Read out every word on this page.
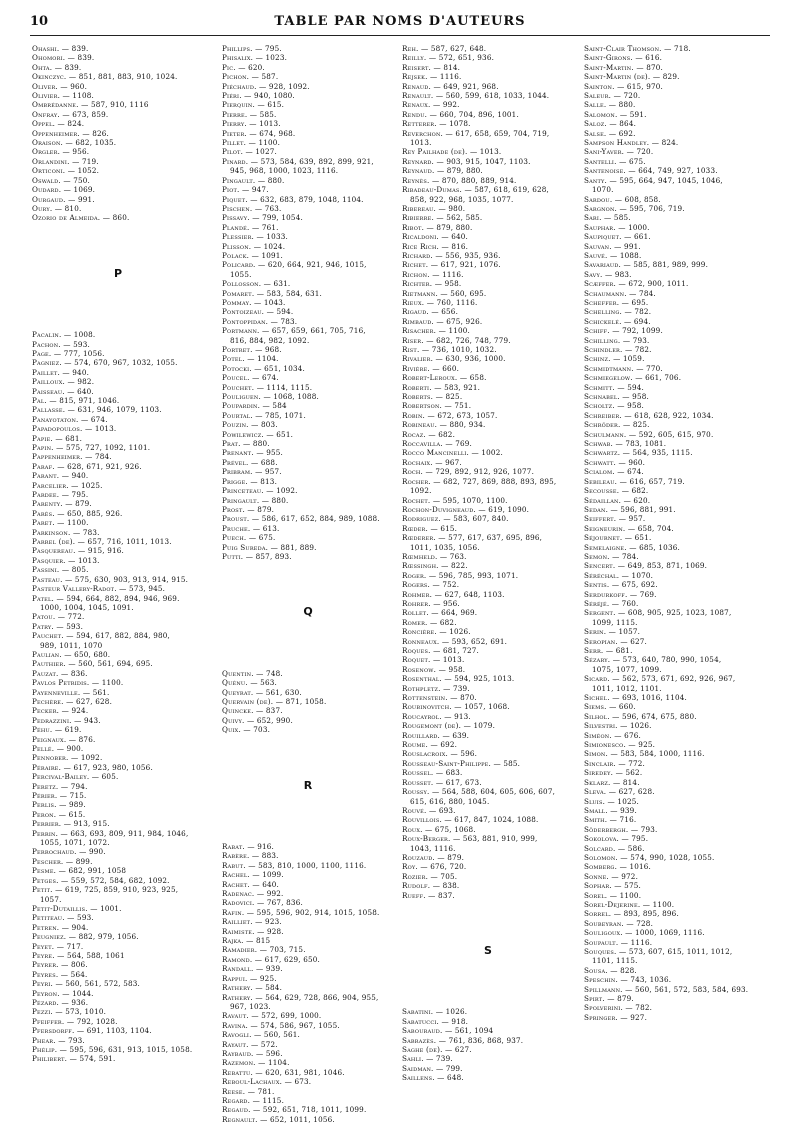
10	TABLE PAR NOMS D'AUTEURS
Ohashi. — 839.
Ohomori. — 839.
Ohta. — 839.
Okinczyc. — 851, 881, 883, 910, 1024.
Oliver. — 960.
Olivier. — 1108.
Ombrédanne. — 587, 910, 1116
Onfray. — 673, 859.
Oppel. — 824.
Oppenheimer. — 826.
Oraison. — 682, 1035.
Orgler. — 956.
Orlandini. — 719.
Orticoni. — 1052.
Oswald. — 750.
Oudard. — 1069.
Ourgaud. — 991.
Oury. — 810.
Ozorio de Almeida. — 860.
P
Pacalin. — 1008.
Pachon. — 593.
Page. — 777, 1056.
Pagniez. — 574, 670, 967, 1032, 1055.
Paillet. — 940.
Pailloux. — 982.
Paisseau. — 640.
Pal. — 815, 971, 1046.
Pallasse. — 631, 946, 1079, 1103.
Panayotaton. — 674.
Papadopoulos. — 1013.
Papie. — 681.
Papin. — 575, 727, 1092, 1101.
Pappenheimer. — 784.
Paraf. — 628, 671, 921, 926.
Parant. — 940.
Parcelier. — 1025.
Pardee. — 795.
Parenty. — 879.
Parès. — 650, 885, 926.
Paret. — 1100.
Parkinson. — 783.
Parrel (de). — 657, 716, 1011, 1013.
Pasquereau. — 915, 916.
Pasquier. — 1013.
Passini. — 805.
Pasteau. — 575, 630, 903, 913, 914, 915.
Pasteur Vallery-Radot. — 573, 945.
Patel. — 594, 664, 882, 894, 946, 969.
1000, 1004, 1045, 1091.
Patou. — 772.
Patry. — 593.
Pauchet. — 594, 617, 882, 884, 980,
989, 1011, 1070
Paulian. — 650, 680.
Pauthier. — 560, 561, 694, 695.
Pauzat. — 836.
Pavlos Petridis. — 1100.
Payenneville. — 561.
Pechère. — 627, 628.
Pecker. — 924.
Pedrazzini. — 943.
Péhu. — 619.
Peignaux. — 876.
Pellé. — 900.
Pennober. — 1092.
Péraire. — 617, 923, 980, 1056.
Percival-Bailey. — 605.
Peretz. — 794.
Périer. — 715.
Perlis. — 989.
Peron. — 615.
Perrier. — 913, 915.
Perrin. — 663, 693, 809, 911, 984, 1046,
1055, 1071, 1072.
Perrochaud. — 990.
Pescher. — 899.
Pesme. — 682, 991, 1058
Petges. — 559, 572, 584, 682, 1092.
Petit. — 619, 725, 859, 910, 923, 925,
1057.
Petit-Dutaillis. — 1001.
Petiteau. — 593.
Petren. — 904.
Peugniez. — 882, 979, 1056.
Peyet. — 717.
Peyre. — 564, 588, 1061
Peyrer. — 806.
Peyres. — 564.
Peyri. — 560, 561, 572, 583.
Peyron. — 1044.
Pézard. — 936.
Pezzi. — 573, 1010.
Pfeiffer. — 792, 1028.
Pfersdorff. — 691, 1103, 1104.
Phear. — 793.
Phélip. — 595, 596, 631, 913, 1015, 1058.
Philibert. — 574, 591.
Phillips. — 795.
Phisalix. — 1023.
Pic. — 620.
Pichon. — 587.
Piéchaud. — 928, 1092.
Piéri. — 940, 1080.
Pierquin. — 615.
Pierre. — 585.
Pierry. — 1013.
Pieter. — 674, 968.
Pillet. — 1100.
Pilot. — 1027.
Pinard. — 573, 584, 639, 892, 899, 921,
945, 968, 1000, 1023, 1116.
Pingault. — 880.
Piot. — 947.
Piquet. — 632, 683, 879, 1048, 1104.
Pischen. — 763.
Pissavy. — 799, 1054.
Plandé. — 761.
Plessier. — 1033.
Plisson. — 1024.
Polack. — 1091.
Policard. — 620, 664, 921, 946, 1015,
1055.
Pollosson. — 631.
Pomaret. — 583, 584, 631.
Pommay. — 1043.
Pontoizeau. — 594.
Pontoppidan. — 783.
Portmann. — 657, 659, 661, 705, 716,
816, 884, 982, 1092.
Portret. — 968.
Potel. — 1104.
Potocki. — 651, 1034.
Poucel. — 674.
Pouchet. — 1114, 1115.
Pouliguen. — 1068, 1088.
Poupardin. — 584
Pourtal. — 785, 1071.
Pouzin. — 803.
Powilewicz. — 651.
Prat. — 880.
Prenant. — 955.
Prével. — 688.
Pribram. — 957.
Prigge. — 813.
Princeteau. — 1092.
Pringault. — 880.
Prost. — 879.
Proust. — 586, 617, 652, 884, 989, 1088.
Pruche. — 613.
Puech. — 675.
Puig Sureda. — 881, 889.
Putti. — 857, 893.
Q
Quentin. — 748.
Quénu. — 563.
Queyrat. — 561, 630.
Quervain (de). — 871, 1058.
Quincke. — 837.
Quivy. — 652, 990.
Quix. — 703.
R
Rabat. — 916.
Rabère. — 883.
Rabut. — 583, 810, 1000, 1100, 1116.
Rachel. — 1099.
Rachet. — 640.
Radenac. — 992.
Radovici. — 767, 836.
Rafin. — 595, 596, 902, 914, 1015, 1058.
Railliet. — 923.
Raimiste. — 928.
Rajka. — 815
Ramadier. — 703, 715.
Ramond. — 617, 629, 650.
Randall. — 939.
Rappui. — 925.
Rathery. — 584.
Rathery. — 564, 629, 728, 866, 904, 955,
967, 1023.
Ravaut. — 572, 699, 1000.
Ravina. — 574, 586, 967, 1055.
Ravogli. — 560, 561.
Rayaut. — 572.
Raybaud. — 596.
Razemon. — 1104.
Rebattu. — 620, 631, 981, 1046.
Reboul-Lachaux. — 673.
Reese. — 781.
Regard. — 1115.
Regaud. — 592, 651, 718, 1011, 1099.
Regnault. — 652, 1011, 1056.
Reh. — 587, 627, 648.
Reilly. — 572, 651, 936.
Reisert. — 814.
Rejsek. — 1116.
Renaud. — 649, 921, 968.
Renault. — 560, 599, 618, 1033, 1044.
Renaux. — 992.
Rendu. — 660, 704, 896, 1001.
Retterer. — 1078.
Reverchon. — 617, 658, 659, 704, 719,
1013.
Rey Pailhade (de). — 1013.
Reynard. — 903, 915, 1047, 1103.
Reynaud. — 879, 880.
Reynès. — 870, 880, 889, 914.
Ribadeau-Dumas. — 587, 618, 619, 628,
858, 922, 968, 1035, 1077.
Ribereau. — 980.
Ribierre. — 562, 585.
Ribot. — 879, 880.
Ricaldoni. — 640.
Rice Rich. — 816.
Richard. — 556, 935, 936.
Richet. — 617, 921, 1076.
Richon. — 1116.
Richter. — 958.
Rietmann. — 560, 695.
Rieux. — 760, 1116.
Rigaud. — 656.
Rimbaud. — 675, 926.
Risacher. — 1100.
Riser. — 682, 726, 748, 779.
Rist. — 736, 1010, 1032.
Rivalier. — 630, 936, 1000.
Rivière. — 660.
Robert-Leroux. — 658.
Roberti. — 583, 921.
Roberts. — 825.
Robertson. — 751.
Robin. — 672, 673, 1057.
Robineau. — 880, 934.
Rocaz. — 682.
Roccavilla. — 769.
Rocco Mancinelli. — 1002.
Rochaix. — 967.
Roch. — 729, 892, 912, 926, 1077.
Rocher. — 682, 727, 869, 888, 893, 895,
1092.
Rochet. — 595, 1070, 1100.
Rochon-Duvigneaud. — 619, 1090.
Rodriguez. — 583, 607, 840.
Rœder. — 615.
Rœderer. — 577, 617, 637, 695, 896,
1011, 1035, 1056.
Rœmheld. — 763.
Rœssingh. — 822.
Roger. — 596, 785, 993, 1071.
Rogers. — 752.
Rohmer. — 627, 648, 1103.
Rohrer. — 956.
Rollet. — 664, 969.
Romer. — 682.
Roncière. — 1026.
Ronneaux. — 593, 652, 691.
Roques. — 681, 727.
Roquet. — 1013.
Rosenow. — 958.
Rosenthal. — 594, 925, 1013.
Rothpletz. — 739.
Rottenstein. — 870.
Roubinovitch. — 1057, 1068.
Roucayrol. — 913.
Rougemont (de). — 1079.
Rouillard. — 639.
Roume. — 692.
Rouslacroix. — 596.
Rousseau-Saint-Philippe. — 585.
Roussel. — 683.
Rousset. — 617, 673.
Roussy. — 564, 588, 604, 605, 606, 607,
615, 616, 880, 1045.
Rouvé. — 693.
Rouvillois. — 617, 847, 1024, 1088.
Roux. — 675, 1068.
Roux-Berger. — 563, 881, 910, 999,
1043, 1116.
Rouzaud. — 879.
Roy. — 676, 720.
Rozier. — 705.
Rudolf. — 838.
Rueff. — 837.
S
Sabatini. — 1026.
Sabatucci. — 918.
Sabouraud. — 561, 1094
Sabrazès. — 761, 836, 868, 937.
Saghe (de). — 627.
Sahli. — 739.
Saidman. — 799.
Saillens. — 648.
Saint-Clair Thomson. — 718.
Saint-Girons. — 616.
Saint-Martin. — 870.
Saint-Martin (de). — 829.
Sainton. — 615, 970.
Saleur. — 720.
Salle. — 880.
Salomon. — 591.
Saloz. — 864.
Salse. — 692.
Sampson Handley. — 824.
Sani-Yaver. — 720.
Santelli. — 675.
Santenoise. — 664, 749, 927, 1033.
Santy. — 595, 664, 947, 1045, 1046,
1070.
Sardou. — 608, 858.
Sargnon. — 595, 706, 719.
Sari. — 585.
Sauphar. — 1000.
Saupiquet. — 661.
Sauvan. — 991.
Sauvé. — 1088.
Savariaud. — 585, 881, 989, 999.
Savy. — 983.
Scæffer. — 672, 900, 1011.
Schaumann. — 784.
Scheffer. — 695.
Schelling. — 782.
Schickelé. — 694.
Schiff. — 792, 1099.
Schilling. — 793.
Schindler. — 782.
Schinz. — 1059.
Schmidtmann. — 770.
Schmiegelow. — 661, 706.
Schmitt. — 594.
Schnabel. — 958.
Scholtz. — 958.
Schreiber. — 618, 628, 922, 1034.
Schröder. — 825.
Schulmann. — 592, 605, 615, 970.
Schwab. — 783, 1081.
Schwartz. — 564, 935, 1115.
Schwatt. — 960.
Scialom. — 674.
Sebileau. — 616, 657, 719.
Secousse. — 682.
Sédaillan. — 620.
Sedan. — 596, 881, 991.
Seiffert. — 957.
Seigneurin. — 658, 704.
Séjournet. — 651.
Semelaigne. — 685, 1036.
Semon. — 784.
Sencert. — 649, 853, 871, 1069.
Séréchal. — 1070.
Sentis. — 675, 692.
Serdurkoff. — 769.
Séréjé. — 760.
Sergent. — 608, 905, 925, 1023, 1087,
1099, 1115.
Serin. — 1057.
Seropian. — 627.
Serr. — 681.
Sézary. — 573, 640, 780, 990, 1054,
1075, 1077, 1099.
Sicard. — 562, 573, 671, 692, 926, 967,
1011, 1012, 1101.
Sichel. — 693, 1016, 1104.
Siems. — 660.
Silhol. — 596, 674, 675, 880.
Silvestri. — 1026.
Siméon. — 676.
Simionesco. — 925.
Simon. — 583, 584, 1000, 1116.
Sinclair. — 772.
Siredey. — 562.
Sklarz. — 814.
Sleva. — 627, 628.
Sluis. — 1025.
Small. — 939.
Smith. — 716.
Söderbergh. — 793.
Sokolova. — 795.
Solcard. — 586.
Solomon. — 574, 990, 1028, 1055.
Somberg. — 1016.
Sonne. — 972.
Sophar. — 575.
Sorel. — 1100.
Sorel-Dejerine. — 1100.
Sorrel. — 893, 895, 896.
Soubeyran. — 728.
Souligoux. — 1000, 1069, 1116.
Soupault. — 1116.
Souques. — 573, 607, 615, 1011, 1012,
1101, 1115.
Sousa. — 828.
Speschin. — 743, 1036.
Spillmann. — 560, 561, 572, 583, 584, 693.
Spirt. — 879.
Spolverini. — 782.
Springer. — 927.
